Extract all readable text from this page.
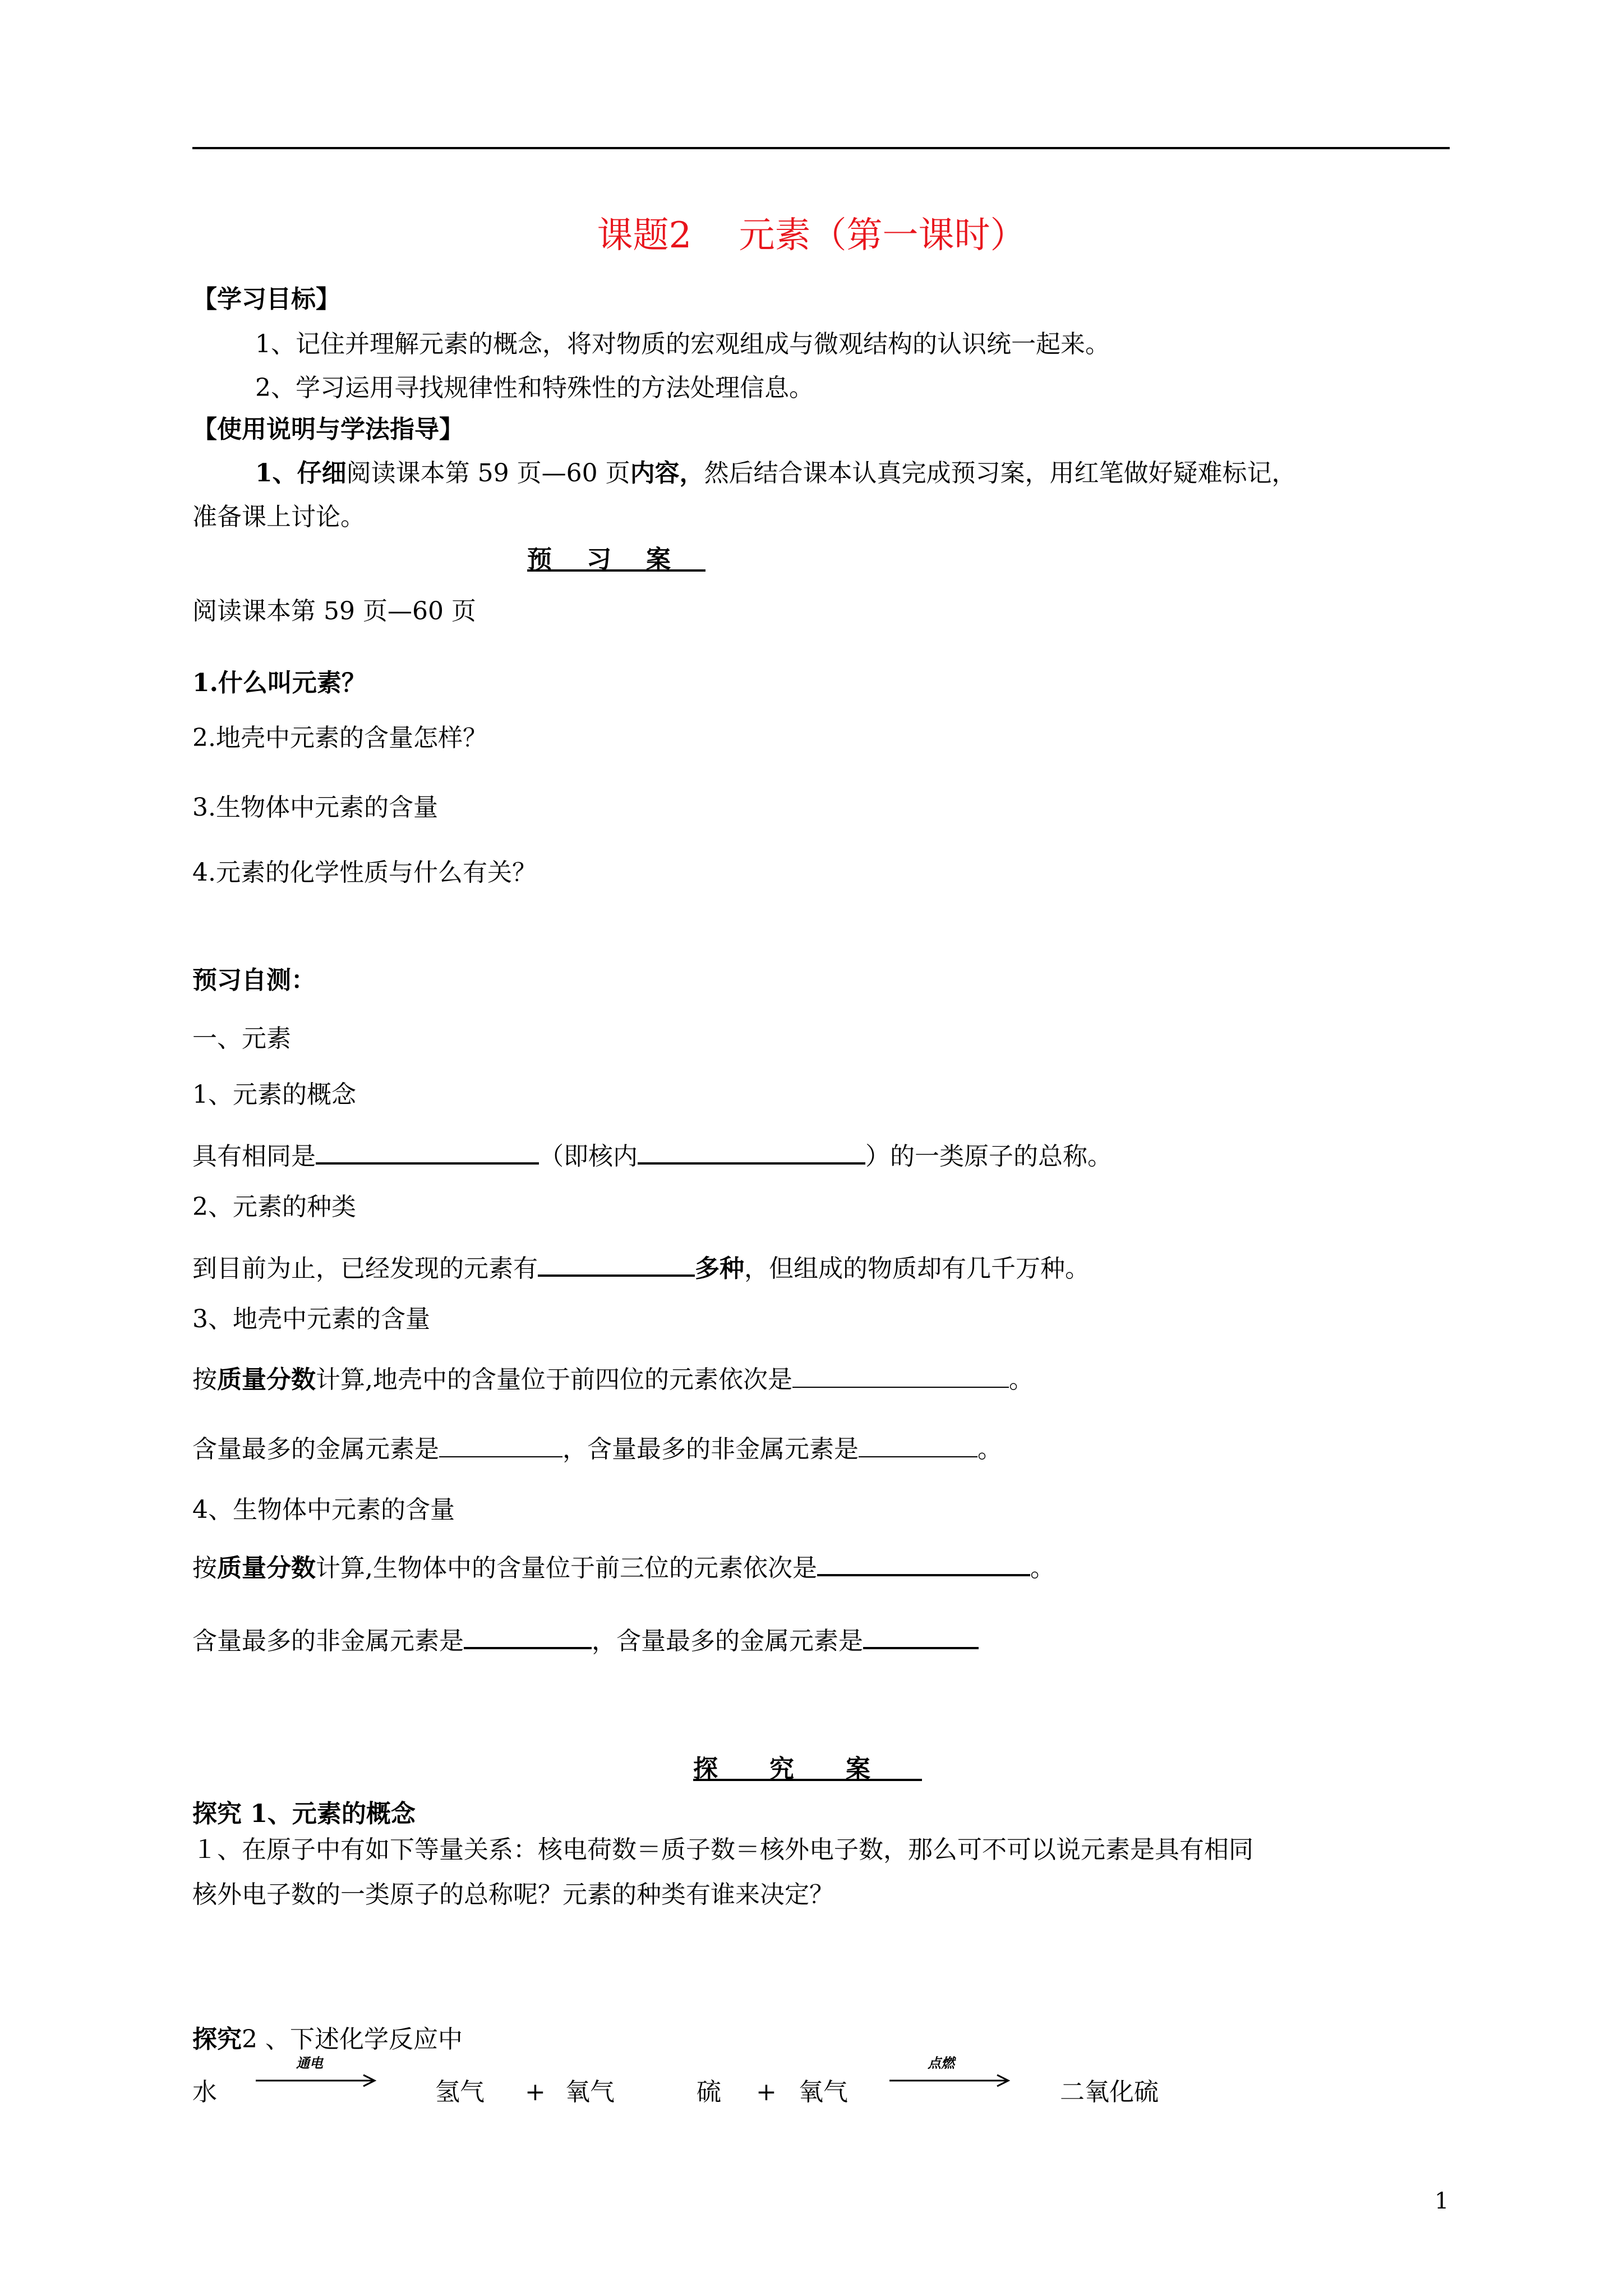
课题2　 元素（第一课时）
【学习目标】
1、记住并理解元素的概念，将对物质的宏观组成与微观结构的认识统一起来。
2、学习运用寻找规律性和特殊性的方法处理信息。
【使用说明与学法指导】
1、仔细阅读课本第 59 页—60 页内容，然后结合课本认真完成预习案，用红笔做好疑难标记，
准备课上讨论。
预习案
阅读课本第 59 页—60 页
1.什么叫元素？
2.地壳中元素的含量怎样？
3.生物体中元素的含量
4.元素的化学性质与什么有关？
预习自测：
一、元素
1、元素的概念
具有相同是	（即核内	）的一类原子的总称。
2、元素的种类
到目前为止，已经发现的元素有	多种，但组成的物质却有几千万种。
3、地壳中元素的含量
按质量分数计算,地壳中的含量位于前四位的元素依次是	。
含量最多的金属元素是	，含量最多的非金属元素是	。
4、生物体中元素的含量
按质量分数计算,生物体中的含量位于前三位的元素依次是	。
含量最多的非金属元素是	，含量最多的金属元素是
探究案
探究 1、元素的概念
１、在原子中有如下等量关系：核电荷数＝质子数＝核外电子数，那么可不可以说元素是具有相同
核外电子数的一类原子的总称呢？元素的种类有谁来决定？
探究2 、下述化学反应中
水
通电
氢气 + 氧气	硫 + 氧气
点燃
二氧化硫
1
